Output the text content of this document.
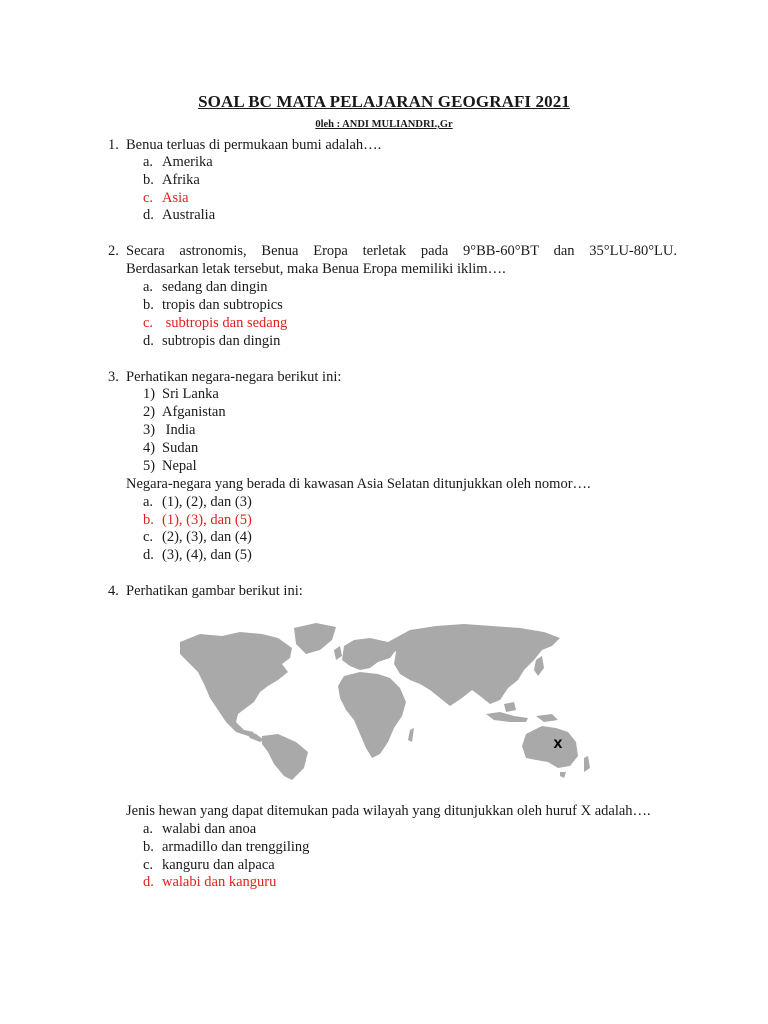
SOAL BC MATA PELAJARAN GEOGRAFI 2021
0leh : ANDI MULIANDRI.,Gr
1. Benua terluas di permukaan bumi adalah….
a. Amerika
b. Afrika
c. Asia
d. Australia
2. Secara astronomis, Benua Eropa terletak pada 9°BB-60°BT dan 35°LU-80°LU.
Berdasarkan letak tersebut, maka Benua Eropa memiliki iklim….
a. sedang dan dingin
b. tropis dan subtropics
c. subtropis dan sedang
d. subtropis dan dingin
3. Perhatikan negara-negara berikut ini:
1) Sri Lanka
2) Afganistan
3) India
4) Sudan
5) Nepal
Negara-negara yang berada di kawasan Asia Selatan ditunjukkan oleh nomor….
a. (1), (2), dan (3)
b. (1), (3), dan (5)
c. (2), (3), dan (4)
d. (3), (4), dan (5)
4. Perhatikan gambar berikut ini:
x
Jenis hewan yang dapat ditemukan pada wilayah yang ditunjukkan oleh huruf X adalah….
a. walabi dan anoa
b. armadillo dan trenggiling
c. kanguru dan alpaca
d. walabi dan kanguru
